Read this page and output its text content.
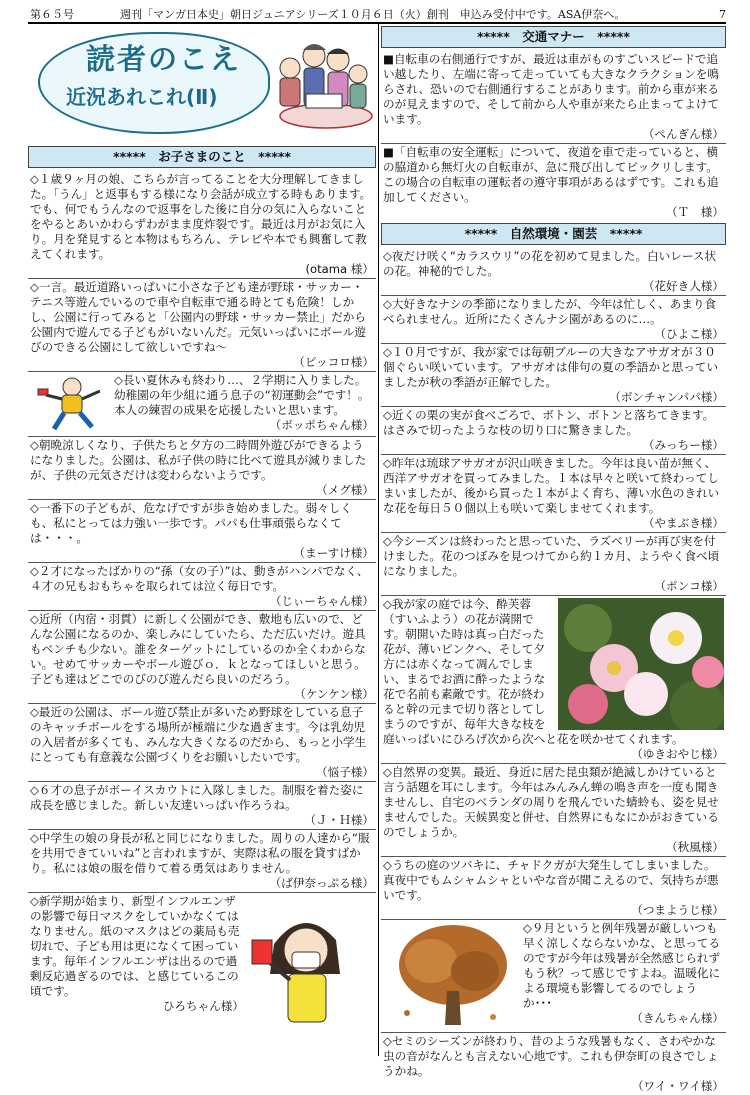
第６５号	週刊「マンガ日本史」朝日ジュニアシリーズ１０月６日（火）創刊　申込み受付中です。ASA伊奈へ。	7
読者のこえ
近況あれこれ(Ⅱ)
*****　お子さまのこと　*****
◇１歳９ヶ月の娘、こちらが言ってることを大分理解してきました。「うん」と返事もする様になり会話が成立する時もあります。でも、何でもうんなので返事をした後に自分の気に入らないことをやるとあいかわらずわがまま度炸裂です。最近は月がお気に入り。月を発見すると本物はもちろん、テレビや本でも興奮して教えてくれます。
(otama 様）
◇一言。最近道路いっぱいに小さな子ども達が野球・サッカー・テニス等遊んでいるので車や自転車で通る時とても危険！しかし、公園に行ってみると「公園内の野球・サッカー禁止」だから公園内で遊んでる子どもがいないんだ。元気いっぱいにボール遊びのできる公園にして欲しいですね～
（ピッコロ様）
◇長い夏休みも終わり…、２学期に入りました。幼稚園の年少組に通う息子の“初運動会”です！。本人の練習の成果を応援したいと思います。
（ボッポちゃん様）
◇朝晩涼しくなり、子供たちと夕方の二時間外遊びができるようになりました。公園は、私が子供の時に比べて遊具が減りましたが、子供の元気さだけは変わらないようです。
（メグ様）
◇一番下の子どもが、危なげですが歩き始めました。弱々しくも、私にとっては力強い一歩です。パパも仕事頑張らなくては・・・。
（まーすけ様）
◇２才になったばかりの“孫（女の子）”は、動きがハンパでなく、４才の兄もおもちゃを取られては泣く毎日です。
（じぃーちゃん様）
◇近所（内宿・羽貫）に新しく公園ができ、敷地も広いので、どんな公園になるのか、楽しみにしていたら、ただ広いだけ。遊具もベンチも少ない。誰をターゲットにしているのか全くわからない。せめてサッカーやボール遊びｏ．ｋとなってほしいと思う。子ども達はどこでのびのび遊んだら良いのだろう。
（ケンケン様）
◇最近の公園は、ボール遊び禁止が多いため野球をしている息子のキャッチボールをする場所が極端に少な過ぎます。今は乳幼児の入居者が多くても、みんな大きくなるのだから、もっと小学生にとっても有意義な公園づくりをお願いしたいです。
（悩子様）
◇６才の息子がボーイスカウトに入隊しました。制服を着た姿に成長を感じました。新しい友達いっぱい作ろうね。
（Ｊ・Ｈ様）
◇中学生の娘の身長が私と同じになりました。周りの人達から“服を共用できていいね”と言われますが、実際は私の服を貸すばかり。私には娘の服を借りて着る勇気はありません。
（ば伊奈っぷる様）
◇新学期が始まり、新型インフルエンザの影響で毎日マスクをしていかなくてはなりません。紙のマスクはどの薬局も売切れで、子ども用は更になくて困っています。毎年インフルエンザは出るので過剰反応過ぎるのでは、と感じているこの頃です。
ひろちゃん様）
*****　交通マナー　*****
■自転車の右側通行ですが、最近は車がものすごいスピードで追い越したり、左端に寄って走っていても大きなクラクションを鳴らされ、恐いので右側通行することがあります。前から車が来るのが見えますので、そして前から人や車が来たら止まってよけています。
（ぺんぎん様）
■「自転車の安全運転」について、夜道を車で走っていると、横の脇道から無灯火の自転車が、急に飛び出してビックリします。この場合の自転車の運転者の遵守事項があるはずです。これも追加してください。
（Ｔ　様）
*****　自然環境・園芸　*****
◇夜だけ咲く“カラスウリ”の花を初めて見ました。白いレース状の花。神秘的でした。
（花好き人様）
◇大好きなナシの季節になりましたが、今年は忙しく、あまり食べられません。近所にたくさんナシ園があるのに…。
（ひよこ様）
◇１０月ですが、我が家では毎朝ブルーの大きなアサガオが３０個ぐらい咲いています。アサガオは俳句の夏の季語かと思っていましたが秋の季語が正解でした。
（ボンチャンパパ様）
◇近くの栗の実が食べごろで、ボトン、ボトンと落ちてきます。はさみで切ったような枝の切り口に驚きました。
（みっちー様）
◇昨年は琉球アサガオが沢山咲きました。今年は良い苗が無く、西洋アサガオを買ってみました。１本は早々と咲いて終わってしまいましたが、後から買った１本がよく育ち、薄い水色のきれいな花を毎日５０個以上も咲いて楽しませてくれます。
（やまぶき様）
◇今シーズンは終わったと思っていた、ラズベリーが再び実を付けました。花のつぼみを見つけてから約１カ月、ようやく食べ頃になりました。
（ポンコ様）
◇我が家の庭では今、酔芙蓉（すいふよう）の花が満開です。朝開いた時は真っ白だった花が、薄いピンクへ、そして夕方には赤くなって凋んでしまい、まるでお酒に酔ったような花で名前も素敵です。花が終わると幹の元まで切り落としてしまうのですが、毎年大きな枝を庭いっぱいにひろげ次から次へと花を咲かせてくれます。
（ゆきおやじ様）
◇自然界の変異。最近、身近に居た昆虫類が絶滅しかけていると言う話題を耳にします。今年はみんみん蝉の鳴き声を一度も聞きませんし、自宅のベランダの周りを飛んでいた蜻蛉も、姿を見せませんでした。天候異変と併せ、自然界にもなにかがおきているのでしょうか。
（秋風様）
◇うちの庭のツバキに、チャドクガが大発生してしまいました。真夜中でもムシャムシャといやな音が聞こえるので、気持ちが悪いです。
（つまようじ様）
◇９月というと例年残暑が厳しいつも早く涼しくならないかな、と思ってるのですが今年は残暑が全然感じられずもう秋？って感じですよね。温暖化による環境も影響してるのでしょうか･･･
（きんちゃん様）
◇セミのシーズンが終わり、昔のような残暑もなく、さわやかな虫の音がなんとも言えない心地です。これも伊奈町の良さでしょうかね。
（ワイ・ワイ様）
